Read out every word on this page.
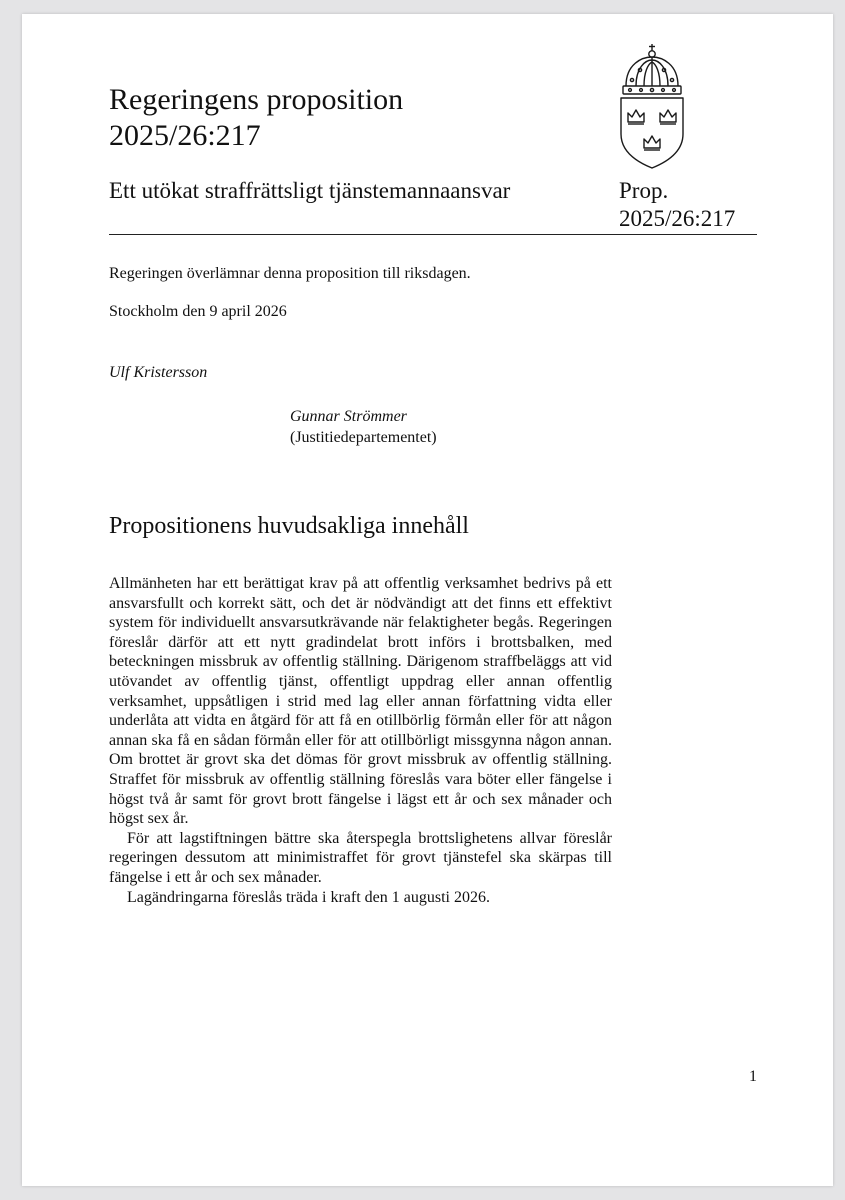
Regeringens proposition
2025/26:217
Ett utökat straffrättsligt tjänstemannaansvar	Prop.
2025/26:217
Regeringen överlämnar denna proposition till riksdagen.
Stockholm den 9 april 2026
Ulf Kristersson
Gunnar Strömmer
(Justitiedepartementet)
Propositionens huvudsakliga innehåll

Allmänheten har ett berättigat krav på att offentlig verksamhet bedrivs på ett ansvarsfullt och korrekt sätt, och det är nödvändigt att det finns ett effektivt system för individuellt ansvarsutkrävande när felaktigheter begås. Regeringen föreslår därför att ett nytt gradindelat brott införs i brottsbalken, med beteckningen missbruk av offentlig ställning. Därigenom straffbeläggs att vid utövandet av offentlig tjänst, offentligt uppdrag eller annan offentlig verksamhet, uppsåtligen i strid med lag eller annan författning vidta eller underlåta att vidta en åtgärd för att få en otillbörlig förmån eller för att någon annan ska få en sådan förmån eller för att otillbörligt missgynna någon annan. Om brottet är grovt ska det dömas för grovt missbruk av offentlig ställning. Straffet för missbruk av offentlig ställning föreslås vara böter eller fängelse i högst två år samt för grovt brott fängelse i lägst ett år och sex månader och högst sex år.

För att lagstiftningen bättre ska återspegla brottslighetens allvar föreslår regeringen dessutom att minimistraffet för grovt tjänstefel ska skärpas till fängelse i ett år och sex månader.

Lagändringarna föreslås träda i kraft den 1 augusti 2026.

1
